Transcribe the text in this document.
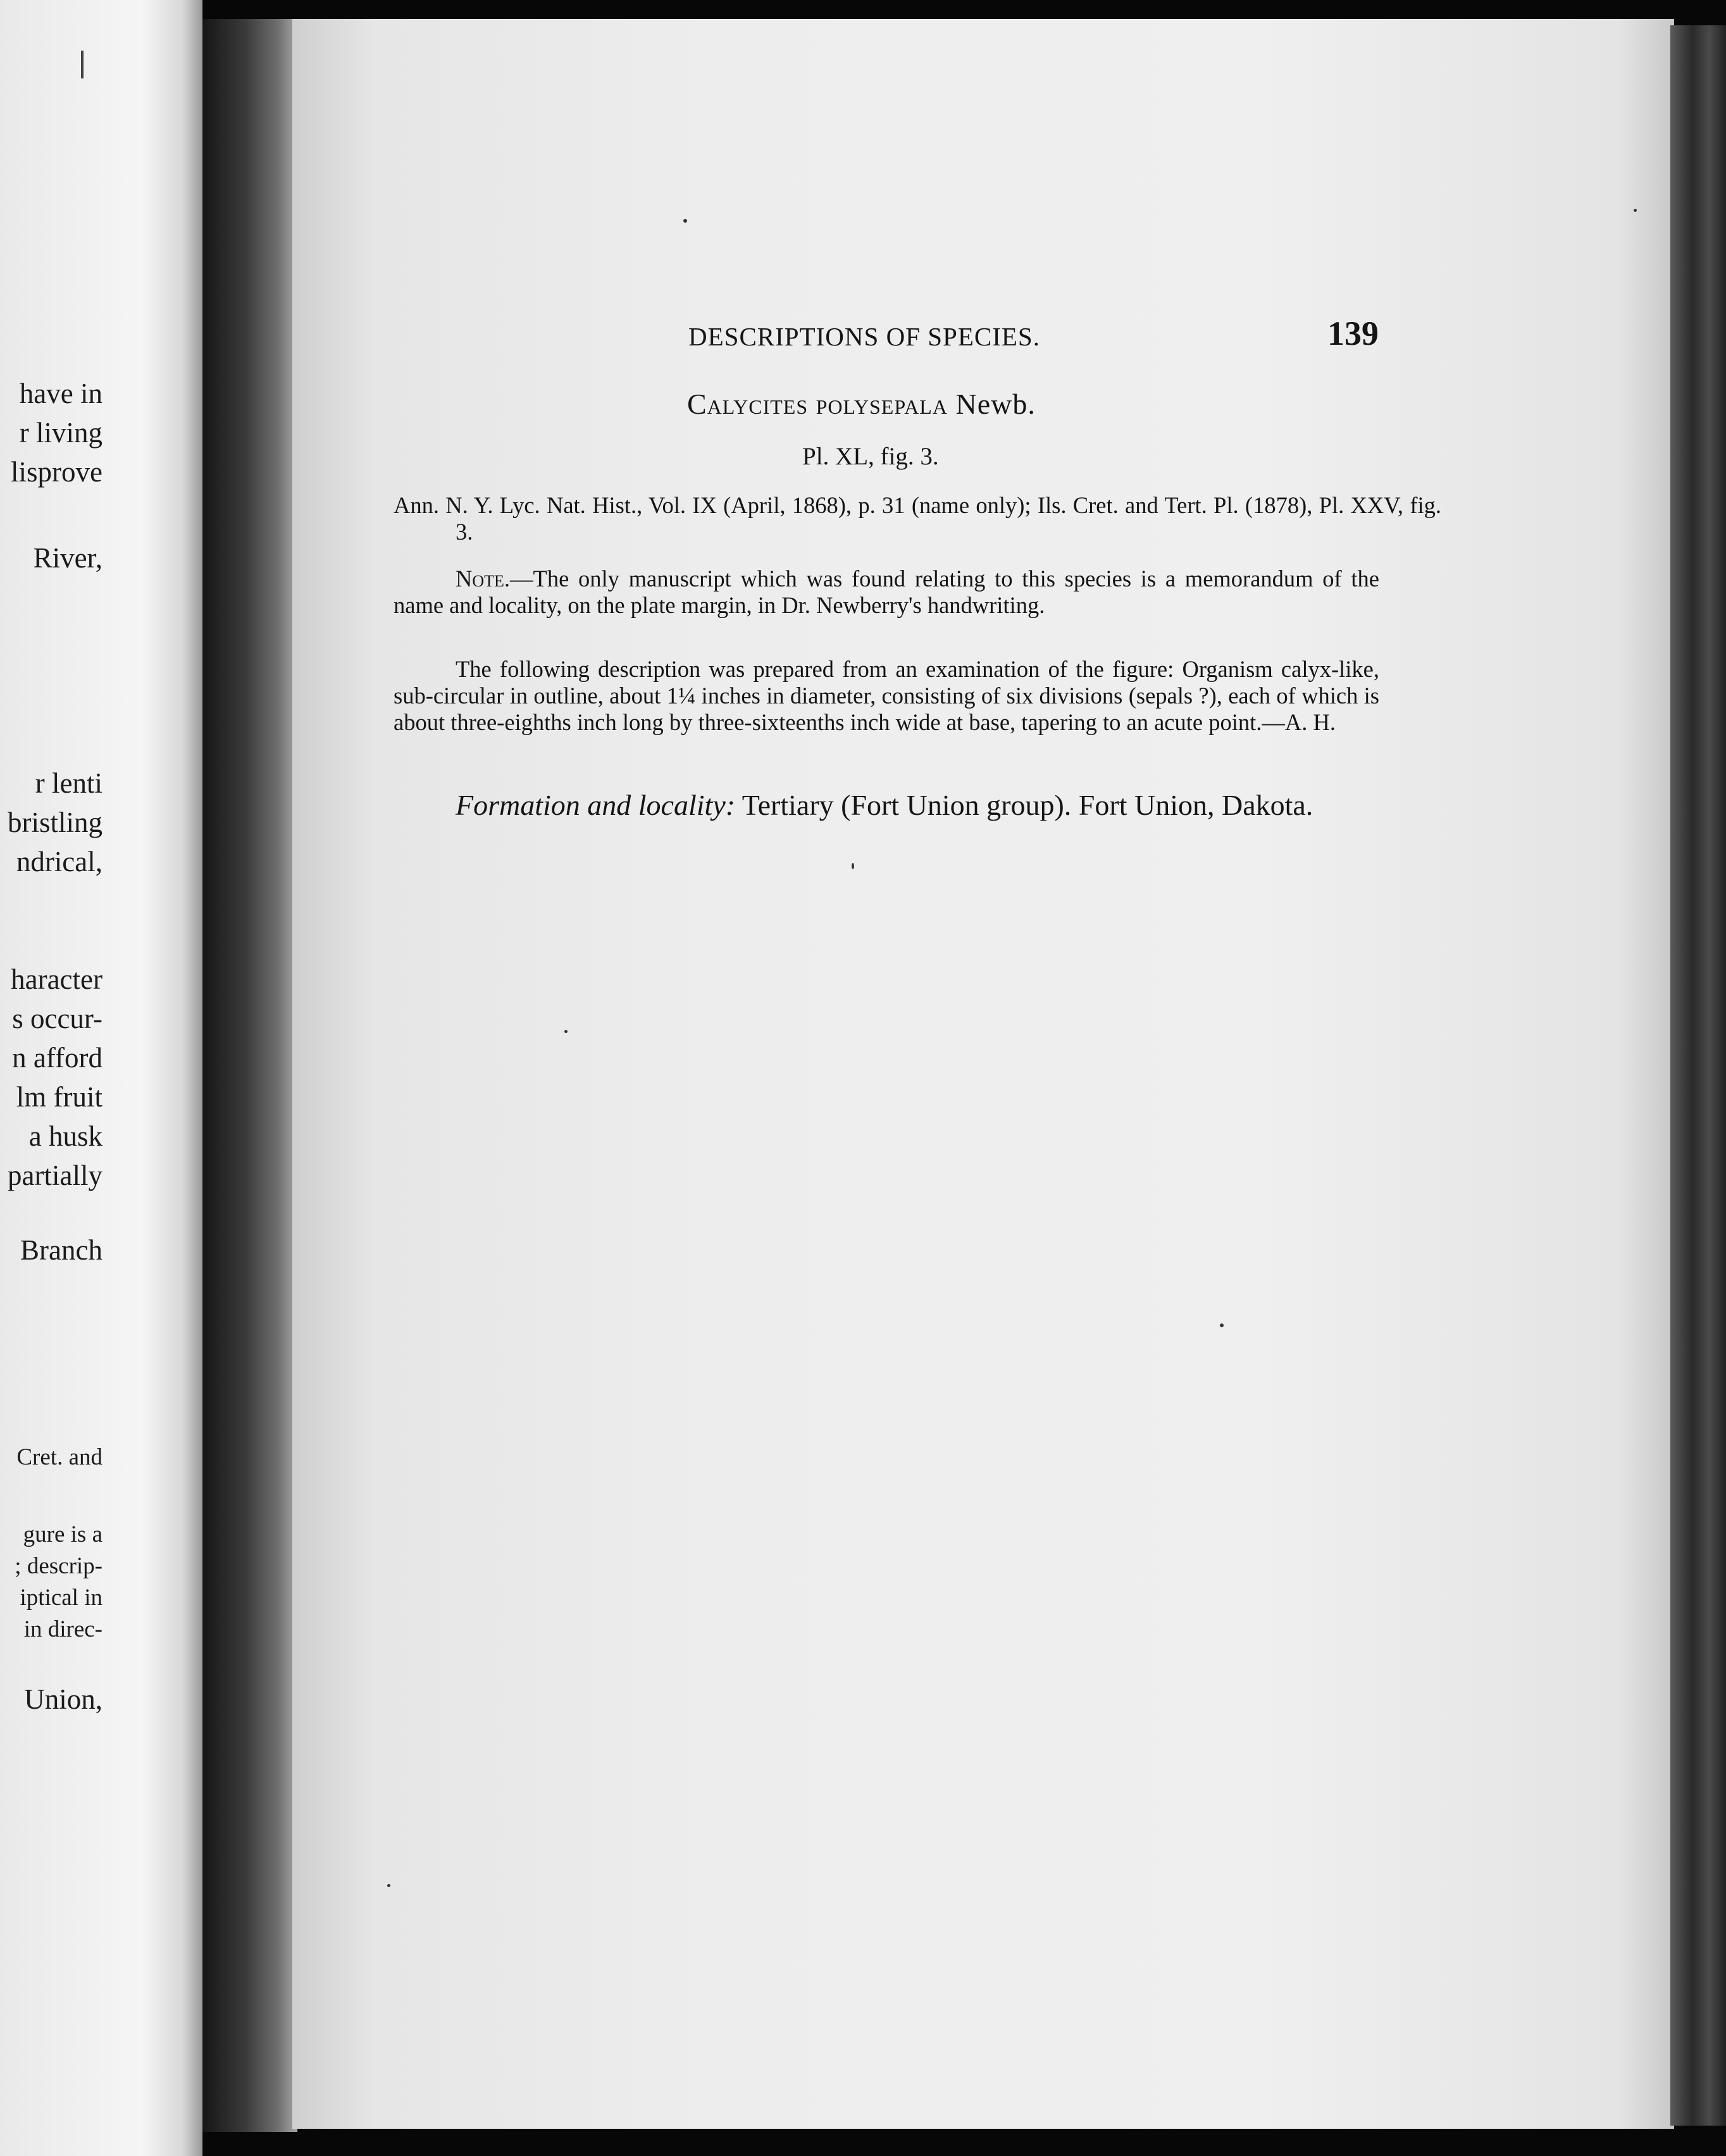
have in
r living
lisprove
River,
r lenti
bristling
ndrical,
haracter
s occur-
n afford
lm fruit
a husk
partially
Branch
Cret. and
gure is a
; descrip-
iptical in
in direc-
Union,
DESCRIPTIONS OF SPECIES.	139
Calycites polysepala Newb.
Pl. XL, fig. 3.

Ann. N. Y. Lyc. Nat. Hist., Vol. IX (April, 1868), p. 31 (name only); Ils. Cret. and Tert. Pl. (1878), Pl. XXV, fig. 3.

Note.—The only manuscript which was found relating to this species is a memorandum of the name and locality, on the plate margin, in Dr. Newberry's handwriting.

The following description was prepared from an examination of the figure: Organism calyx-like, sub-circular in outline, about 1¼ inches in diameter, consisting of six divisions (sepals ?), each of which is about three-eighths inch long by three-sixteenths inch wide at base, tapering to an acute point.—A. H.

Formation and locality: Tertiary (Fort Union group). Fort Union, Dakota.
